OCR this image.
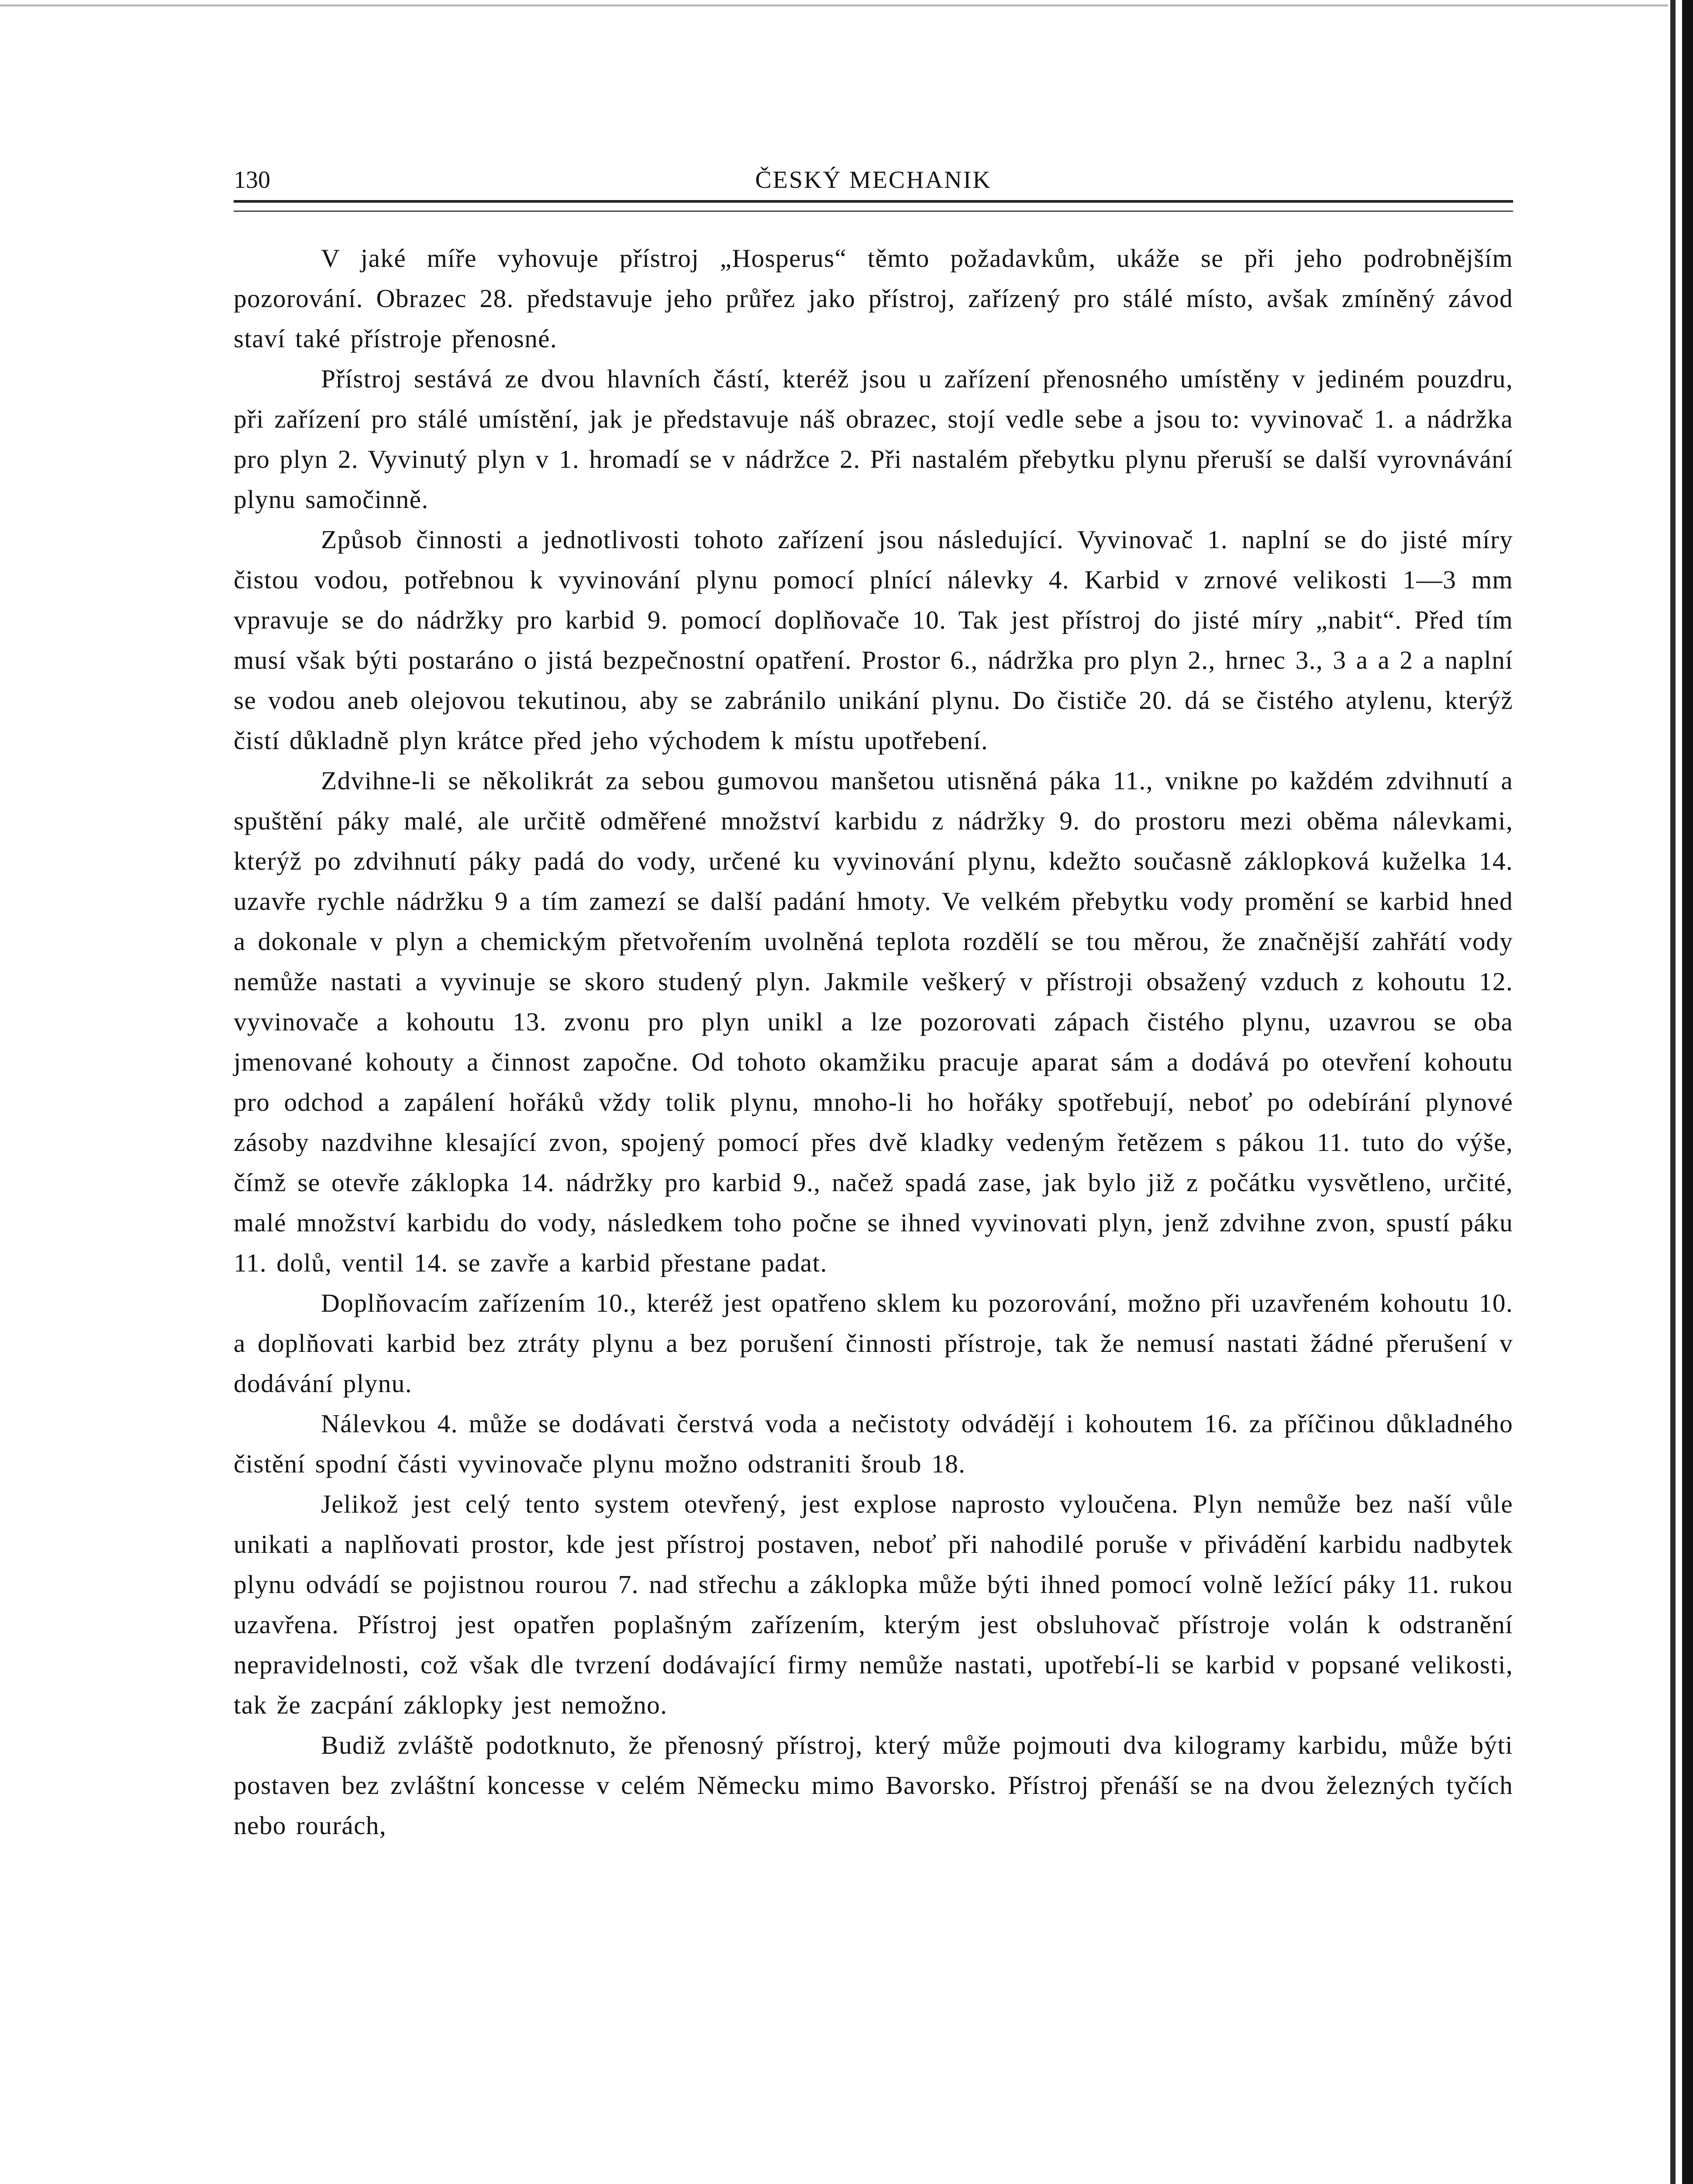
130	ČESKÝ MECHANIK

V jaké míře vyhovuje přístroj „Hosperus“ těmto požadavkům, ukáže se při jeho podrobnějším pozorování. Obrazec 28. představuje jeho průřez jako přístroj, zařízený pro stálé místo, avšak zmíněný závod staví také přístroje přenosné.

Přístroj sestává ze dvou hlavních částí, kteréž jsou u zařízení přenosného umístěny v jediném pouzdru, při zařízení pro stálé umístění, jak je představuje náš obrazec, stojí vedle sebe a jsou to: vyvinovač 1. a nádržka pro plyn 2. Vyvinutý plyn v 1. hromadí se v nádržce 2. Při nastalém přebytku plynu přeruší se další vyrovnávání plynu samočinně.

Způsob činnosti a jednotlivosti tohoto zařízení jsou následující. Vyvinovač 1. naplní se do jisté míry čistou vodou, potřebnou k vyvinování plynu pomocí plnící nálevky 4. Karbid v zrnové velikosti 1—3 mm vpravuje se do nádržky pro karbid 9. pomocí doplňovače 10. Tak jest přístroj do jisté míry „nabit“. Před tím musí však býti postaráno o jistá bezpečnostní opatření. Prostor 6., nádržka pro plyn 2., hrnec 3., 3 a a 2 a naplní se vodou aneb olejovou tekutinou, aby se zabránilo unikání plynu. Do čističe 20. dá se čistého atylenu, kterýž čistí důkladně plyn krátce před jeho východem k místu upotřebení.

Zdvihne-li se několikrát za sebou gumovou manšetou utisněná páka 11., vnikne po každém zdvihnutí a spuštění páky malé, ale určitě odměřené množství karbidu z nádržky 9. do prostoru mezi oběma nálevkami, kterýž po zdvihnutí páky padá do vody, určené ku vyvinování plynu, kdežto současně záklopková kuželka 14. uzavře rychle nádržku 9 a tím zamezí se další padání hmoty. Ve velkém přebytku vody promění se karbid hned a dokonale v plyn a chemickým přetvořením uvolněná teplota rozdělí se tou měrou, že značnější zahřátí vody nemůže nastati a vyvinuje se skoro studený plyn. Jakmile veškerý v přístroji obsažený vzduch z kohoutu 12. vyvinovače a kohoutu 13. zvonu pro plyn unikl a lze pozorovati zápach čistého plynu, uzavrou se oba jmenované kohouty a činnost započne. Od tohoto okamžiku pracuje aparat sám a dodává po otevření kohoutu pro odchod a zapálení hořáků vždy tolik plynu, mnoho-li ho hořáky spotřebují, neboť po odebírání plynové zásoby nazdvihne klesající zvon, spojený pomocí přes dvě kladky vedeným řetězem s pákou 11. tuto do výše, čímž se otevře záklopka 14. nádržky pro karbid 9., načež spadá zase, jak bylo již z počátku vysvětleno, určité, malé množství karbidu do vody, následkem toho počne se ihned vyvinovati plyn, jenž zdvihne zvon, spustí páku 11. dolů, ventil 14. se zavře a karbid přestane padat.

Doplňovacím zařízením 10., kteréž jest opatřeno sklem ku pozorování, možno při uzavřeném kohoutu 10. a doplňovati karbid bez ztráty plynu a bez porušení činnosti přístroje, tak že nemusí nastati žádné přerušení v dodávání plynu.

Nálevkou 4. může se dodávati čerstvá voda a nečistoty odvádějí i kohoutem 16. za příčinou důkladného čistění spodní části vyvinovače plynu možno odstraniti šroub 18.

Jelikož jest celý tento system otevřený, jest explose naprosto vyloučena. Plyn nemůže bez naší vůle unikati a naplňovati prostor, kde jest přístroj postaven, neboť při nahodilé poruše v přivádění karbidu nadbytek plynu odvádí se pojistnou rourou 7. nad střechu a záklopka může býti ihned pomocí volně ležící páky 11. rukou uzavřena. Přístroj jest opatřen poplašným zařízením, kterým jest obsluhovač přístroje volán k odstranění nepravidelnosti, což však dle tvrzení dodávající firmy nemůže nastati, upotřebí-li se karbid v popsané velikosti, tak že zacpání záklopky jest nemožno.

Budiž zvláště podotknuto, že přenosný přístroj, který může pojmouti dva kilogramy karbidu, může býti postaven bez zvláštní koncesse v celém Německu mimo Bavorsko. Přístroj přenáší se na dvou železných tyčích nebo rourách,
